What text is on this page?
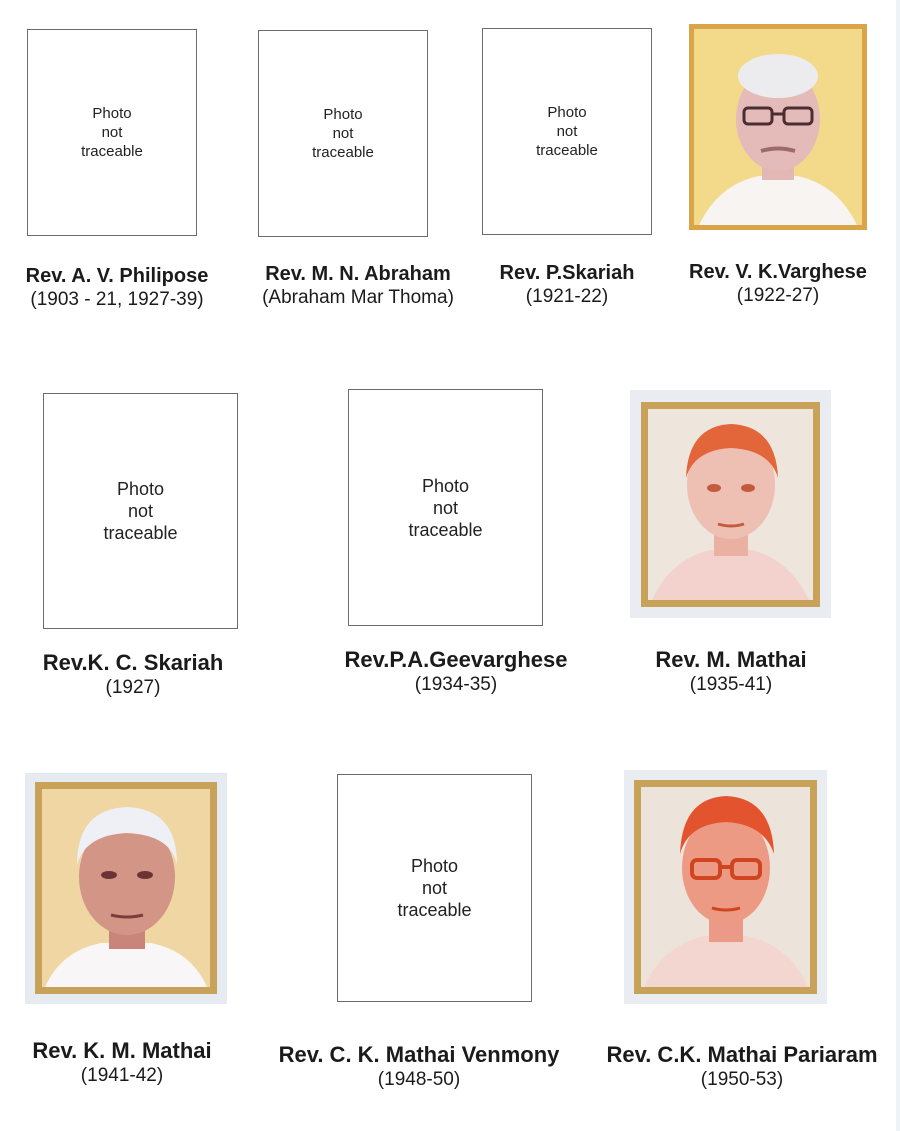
Photo
not
traceable
Photo
not
traceable
Photo
not
traceable
Rev. A. V. Philipose
(1903 - 21, 1927-39)
Rev. M. N. Abraham
(Abraham Mar Thoma)
Rev. P.Skariah
(1921-22)
Rev. V. K.Varghese
(1922-27)
Photo
not
traceable
Photo
not
traceable
Rev.K. C. Skariah
(1927)
Rev.P.A.Geevarghese
(1934-35)
Rev. M. Mathai
(1935-41)
Photo
not
traceable
Rev. K. M. Mathai
(1941-42)
Rev. C. K. Mathai Venmony
(1948-50)
Rev. C.K. Mathai Pariaram
(1950-53)
